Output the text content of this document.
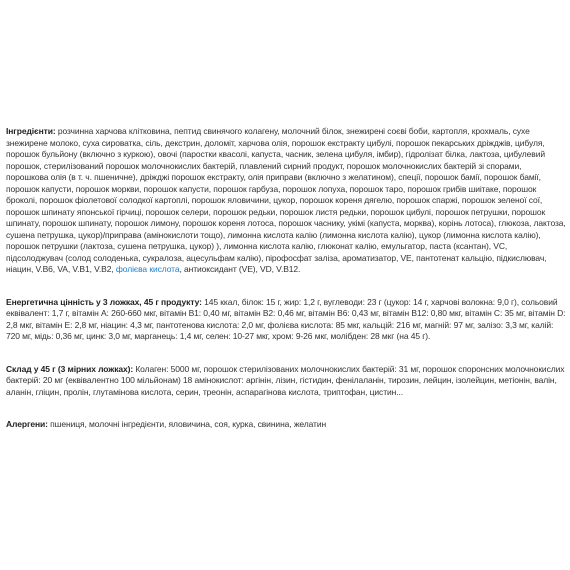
Інгредієнти: розчинна харчова клітковина, пептид свинячого колагену, молочний білок, знежирені соєві боби, картопля, крохмаль, сухе знежирене молоко, суха сироватка, сіль, декстрин, доломіт, харчова олія, порошок екстракту цибулі, порошок пекарських дріжджів, цибуля, порошок бульйону (включно з куркою), овочі (паростки квасолі, капуста, часник, зелена цибуля, імбир), гідролізат білка, лактоза, цибулевий порошок, стерилізований порошок молочнокислих бактерій, плавлений сирний продукт, порошок молочнокислих бактерій зі спорами, порошкова олія (в т. ч. пшеничне), дріжджі порошок екстракту, олія приправи (включно з желатином), спеції, порошок бамії, порошок бамії, порошок капусти, порошок моркви, порошок капусти, порошок гарбуза, порошок лопуха, порошок таро, порошок грибів шиітаке, порошок броколі, порошок фіолетової солодкої картоплі, порошок яловичини, цукор, порошок кореня дягелю, порошок спаржі, порошок зеленої сої, порошок шпинату японської гірчиці, порошок селери, порошок редьки, порошок листя редьки, порошок цибулі, порошок петрушки, порошок шпинату, порошок шпинату, порошок лимону, порошок кореня лотоса, порошок часнику, укімі (капуста, морква), корінь лотоса), глюкоза, лактоза, сушена петрушка, цукор)/приправа (амінокислоти тощо), лимонна кислота калію (лимонна кислота калію), цукор (лимонна кислота калію), порошок петрушки (лактоза, сушена петрушка, цукор) ), лимонна кислота калію, глюконат калію, емульгатор, паста (ксантан), VC, підсолоджувач (солод солоденька, сукралоза, ацесульфам калію), пірофосфат заліза, ароматизатор, VE, пантотенат кальцію, підкислювач, ніацин, V.B6, VA, V.B1, V.B2, фолієва кислота, антиоксидант (VE), VD, V.B12.

Енергетична цінність у 3 ложках, 45 г продукту: 145 ккал, білок: 15 г, жир: 1,2 г, вуглеводи: 23 г (цукор: 14 г, харчові волокна: 9,0 г), сольовий еквівалент: 1,7 г, вітамін A: 260-660 мкг, вітамін B1: 0,40 мг, вітамін B2: 0,46 мг, вітамін B6: 0,43 мг, вітамін B12: 0,80 мкг, вітамін C: 35 мг, вітамін D: 2,8 мкг, вітамін E: 2,8 мг, ніацин: 4,3 мг, пантотенова кислота: 2,0 мг, фолієва кислота: 85 мкг, кальцій: 216 мг, магній: 97 мг, залізо: 3,3 мг, калій: 720 мг, мідь: 0,36 мг, цинк: 3,0 мг, марганець: 1,4 мг, селен: 10-27 мкг, хром: 9-26 мкг, молібден: 28 мкг (на 45 г).

Склад у 45 г (3 мірних ложках): Колаген: 5000 мг, порошок стерилізованих молочнокислих бактерій: 31 мг, порошок споронсних молочнокислих бактерій: 20 мг (еквівалентно 100 мільйонам) 18 амінокислот: аргінін, лізин, гістидин, фенілаланін, тирозин, лейцин, ізолейцин, метіонін, валін, аланін, гліцин, пролін, глутамінова кислота, серин, треонін, аспарагінова кислота, триптофан, цистин...

Алергени: пшениця, молочні інгредієнти, яловичина, соя, курка, свинина, желатин
